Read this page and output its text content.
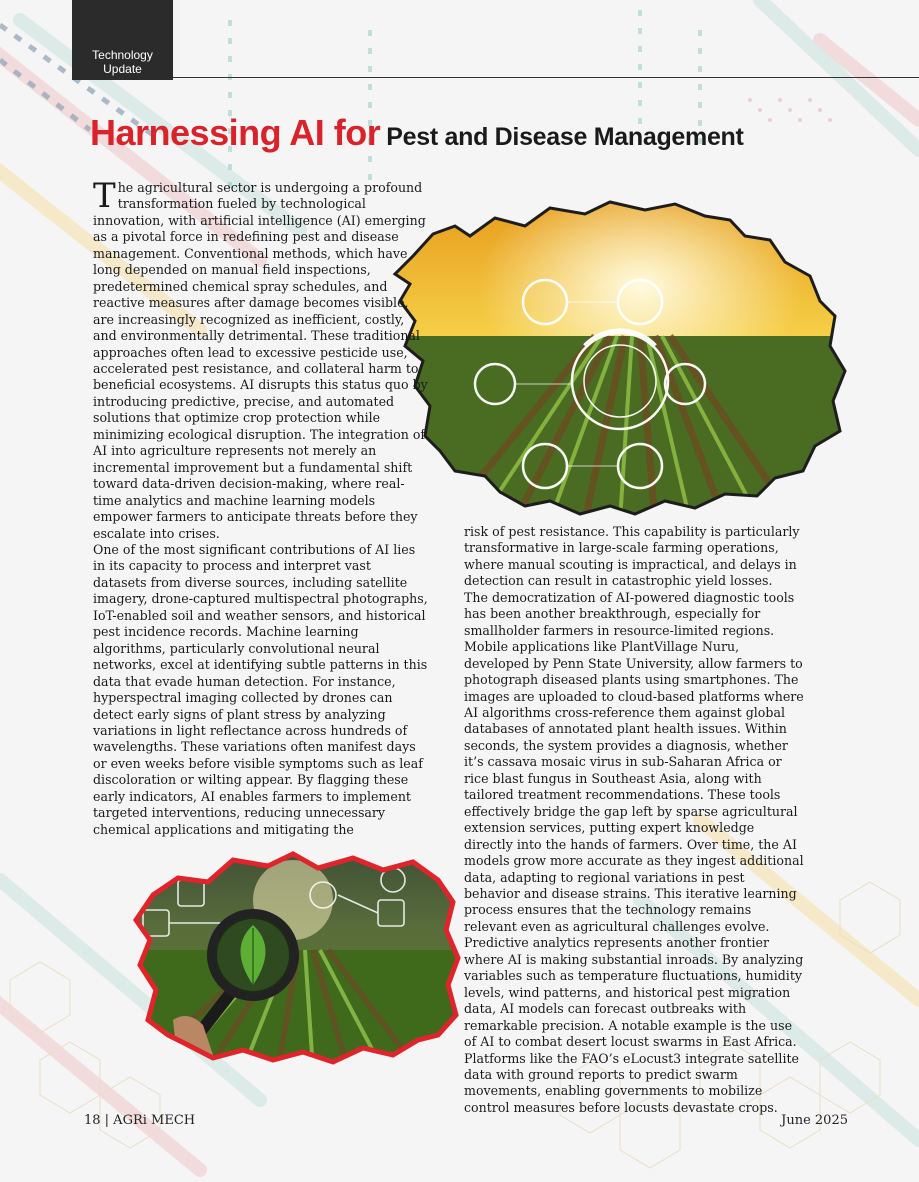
Technology
Update
Harnessing AI for Pest and Disease Management

The agricultural sector is undergoing a profound transformation fueled by technological innovation, with artificial intelligence (AI) emerging as a pivotal force in redefining pest and disease management. Conventional methods, which have long depended on manual field inspections, predetermined chemical spray schedules, and reactive measures after damage becomes visible, are increasingly recognized as inefficient, costly, and environmentally detrimental. These traditional approaches often lead to excessive pesticide use, accelerated pest resistance, and collateral harm to beneficial ecosystems. AI disrupts this status quo by introducing predictive, precise, and automated solutions that optimize crop protection while minimizing ecological disruption. The integration of AI into agriculture represents not merely an incremental improvement but a fundamental shift toward data-driven decision-making, where real-time analytics and machine learning models empower farmers to anticipate threats before they escalate into crises.

One of the most significant contributions of AI lies in its capacity to process and interpret vast datasets from diverse sources, including satellite imagery, drone-captured multispectral photographs, IoT-enabled soil and weather sensors, and historical pest incidence records. Machine learning algorithms, particularly convolutional neural networks, excel at identifying subtle patterns in this data that evade human detection. For instance, hyperspectral imaging collected by drones can detect early signs of plant stress by analyzing variations in light reflectance across hundreds of wavelengths. These variations often manifest days or even weeks before visible symptoms such as leaf discoloration or wilting appear. By flagging these early indicators, AI enables farmers to implement targeted interventions, reducing unnecessary chemical applications and mitigating the

risk of pest resistance. This capability is particularly transformative in large-scale farming operations, where manual scouting is impractical, and delays in detection can result in catastrophic yield losses.

The democratization of AI-powered diagnostic tools has been another breakthrough, especially for smallholder farmers in resource-limited regions. Mobile applications like PlantVillage Nuru, developed by Penn State University, allow farmers to photograph diseased plants using smartphones. The images are uploaded to cloud-based platforms where AI algorithms cross-reference them against global databases of annotated plant health issues. Within seconds, the system provides a diagnosis, whether it’s cassava mosaic virus in sub-Saharan Africa or rice blast fungus in Southeast Asia, along with tailored treatment recommendations. These tools effectively bridge the gap left by sparse agricultural extension services, putting expert knowledge directly into the hands of farmers. Over time, the AI models grow more accurate as they ingest additional data, adapting to regional variations in pest behavior and disease strains. This iterative learning process ensures that the technology remains relevant even as agricultural challenges evolve.

Predictive analytics represents another frontier where AI is making substantial inroads. By analyzing variables such as temperature fluctuations, humidity levels, wind patterns, and historical pest migration data, AI models can forecast outbreaks with remarkable precision. A notable example is the use of AI to combat desert locust swarms in East Africa. Platforms like the FAO’s eLocust3 integrate satellite data with ground reports to predict swarm movements, enabling governments to mobilize control measures before locusts devastate crops.

18 | AGRi MECH	June 2025
